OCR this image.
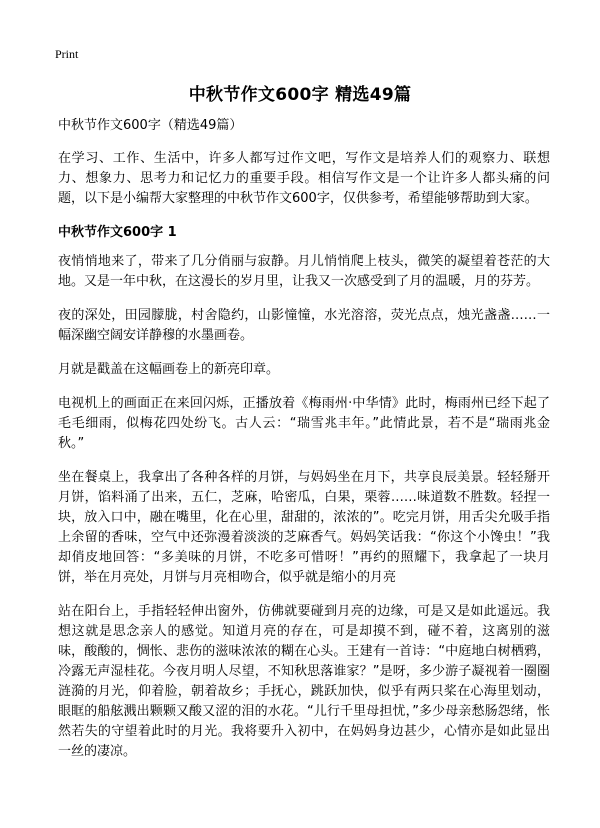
Print
中秋节作文600字 精选49篇

中秋节作文600字（精选49篇）

在学习、工作、生活中，许多人都写过作文吧，写作文是培养人们的观察力、联想力、想象力、思考力和记忆力的重要手段。相信写作文是一个让许多人都头痛的问题，以下是小编帮大家整理的中秋节作文600字，仅供参考，希望能够帮助到大家。

中秋节作文600字 1

夜悄悄地来了，带来了几分俏丽与寂静。月儿悄悄爬上枝头，微笑的凝望着苍茫的大地。又是一年中秋，在这漫长的岁月里，让我又一次感受到了月的温暖，月的芬芳。

夜的深处，田园朦胧，村舍隐约，山影憧憧，水光溶溶，荧光点点，烛光盏盏……一幅深幽空阔安详静穆的水墨画卷。

月就是戳盖在这幅画卷上的新亮印章。

电视机上的画面正在来回闪烁，正播放着《梅雨州·中华情》此时，梅雨州已经下起了毛毛细雨，似梅花四处纷飞。古人云：“瑞雪兆丰年。”此情此景，若不是“瑞雨兆金秋。”

坐在餐桌上，我拿出了各种各样的月饼，与妈妈坐在月下，共享良辰美景。轻轻掰开月饼，馅料涌了出来，五仁，芝麻，哈密瓜，白果，栗蓉……味道数不胜数。轻捏一块，放入口中，融在嘴里，化在心里，甜甜的，浓浓的”。吃完月饼，用舌尖允吸手指上余留的香味，空气中还弥漫着淡淡的芝麻香气。妈妈笑话我：“你这个小馋虫！”我却俏皮地回答：“多美味的月饼，不吃多可惜呀！”再约的照耀下，我拿起了一块月饼，举在月亮处，月饼与月亮相吻合，似乎就是缩小的月亮

站在阳台上，手指轻轻伸出窗外，仿佛就要碰到月亮的边缘，可是又是如此遥远。我想这就是思念亲人的感觉。知道月亮的存在，可是却摸不到，碰不着，这离别的滋味，酸酸的，惆怅、悲伤的滋味浓浓的糊在心头。王建有一首诗：“中庭地白树栖鸦，冷露无声湿桂花。今夜月明人尽望，不知秋思落谁家？”是呀，多少游子凝视着一圈圈涟漪的月光，仰着脸，朝着故乡；手抚心，跳跃加快，似乎有两只桨在心海里划动，眼眶的船舷溅出颗颗又酸又涩的泪的水花。“儿行千里母担忧，”多少母亲愁肠怨绪，怅然若失的守望着此时的月光。我将要升入初中，在妈妈身边甚少，心情亦是如此显出一丝的凄凉。
